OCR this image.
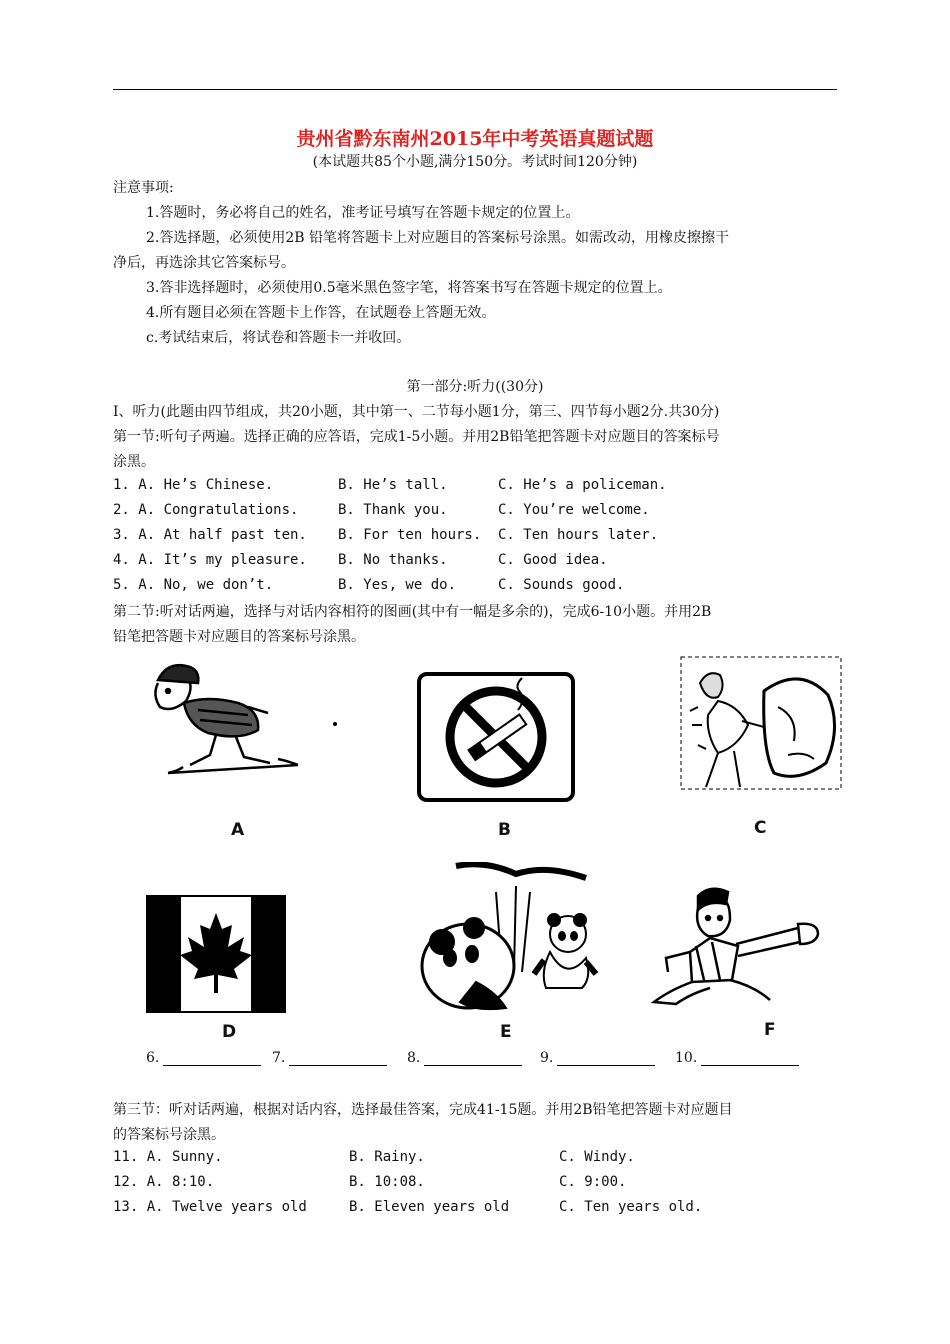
贵州省黔东南州2015年中考英语真题试题
(本试题共85个小题,满分150分。考试时间120分钟)
注意事项:
1.答题时，务必将自己的姓名，准考证号填写在答题卡规定的位置上。
2.答选择题，必须使用2B 铅笔将答题卡上对应题目的答案标号涂黑。如需改动，用橡皮擦擦干
净后，再选涂其它答案标号。
3.答非选择题时，必须使用0.5毫米黑色签字笔，将答案书写在答题卡规定的位置上。
4.所有题目必须在答题卡上作答，在试题卷上答题无效。
c.考试结束后，将试卷和答题卡一并收回。
第一部分:听力((30分)
I、听力(此题由四节组成，共20小题，其中第一、二节每小题1分，第三、四节每小题2分.共30分)
第一节:听句子两遍。选择正确的应答语，完成1-5小题。并用2B铅笔把答题卡对应题目的答案标号
涂黑。
1. A. He’s Chinese.	B. He’s tall.	C. He’s a policeman.
2. A. Congratulations.	B. Thank you.	C. You’re welcome.
3. A. At half past ten. B. For ten hours. C. Ten hours later.
4. A. It’s my pleasure. B. No thanks.	C. Good idea.
5. A. No, we don’t.	B. Yes, we do.	C. Sounds good.
第二节:听对话两遍，选择与对话内容相符的图画(其中有一幅是多余的)，完成6-10小题。并用2B
铅笔把答题卡对应题目的答案标号涂黑。
A	B	C
D	E	F
6.	7.	8.	9.	10.
第三节：听对话两遍，根据对话内容，选择最佳答案，完成41-15题。并用2B铅笔把答题卡对应题目
的答案标号涂黑。
11. A. Sunny.	B. Rainy.	C. Windy.
12. A. 8:10.	B. 10:08.	C. 9:00.
13. A. Twelve years old	B. Eleven years old	C. Ten years old.
